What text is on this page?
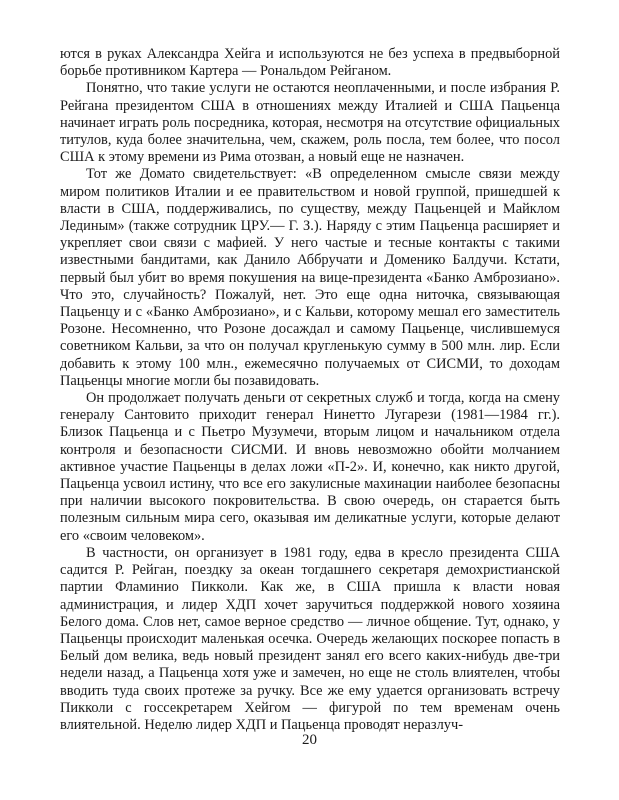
ются в руках Александра Хейга и используются не без успеха в предвыборной борьбе противником Картера — Рональдом Рейганом.

Понятно, что такие услуги не остаются неоплаченными, и после избрания Р. Рейгана президентом США в отношениях между Италией и США Пацьенца начинает играть роль посредника, которая, несмотря на отсутствие официальных титулов, куда более значительна, чем, скажем, роль посла, тем более, что посол США к этому времени из Рима отозван, а новый еще не назначен.

Тот же Домато свидетельствует: «В определенном смысле связи между миром политиков Италии и ее правительством и новой группой, пришедшей к власти в США, поддерживались, по существу, между Пацьенцей и Майклом Лединым» (также сотрудник ЦРУ.— Г. З.). Наряду с этим Пацьенца расширяет и укрепляет свои связи с мафией. У него частые и тесные контакты с такими известными бандитами, как Данило Аббручати и Доменико Балдучи. Кстати, первый был убит во время покушения на вице-президента «Банко Амброзиано». Что это, случайность? Пожалуй, нет. Это еще одна ниточка, связывающая Пацьенцу и с «Банко Амброзиано», и с Кальви, которому мешал его заместитель Розоне. Несомненно, что Розоне досаждал и самому Пацьенце, числившемуся советником Кальви, за что он получал кругленькую сумму в 500 млн. лир. Если добавить к этому 100 млн., ежемесячно получаемых от СИСМИ, то доходам Пацьенцы многие могли бы позавидовать.

Он продолжает получать деньги от секретных служб и тогда, когда на смену генералу Сантовито приходит генерал Нинетто Лугарези (1981—1984 гг.). Близок Пацьенца и с Пьетро Музумечи, вторым лицом и начальником отдела контроля и безопасности СИСМИ. И вновь невозможно обойти молчанием активное участие Пацьенцы в делах ложи «П-2». И, конечно, как никто другой, Пацьенца усвоил истину, что все его закулисные махинации наиболее безопасны при наличии высокого покровительства. В свою очередь, он старается быть полезным сильным мира сего, оказывая им деликатные услуги, которые делают его «своим человеком».

В частности, он организует в 1981 году, едва в кресло президента США садится Р. Рейган, поездку за океан тогдашнего секретаря демохристианской партии Фламинио Пикколи. Как же, в США пришла к власти новая администрация, и лидер ХДП хочет заручиться поддержкой нового хозяина Белого дома. Слов нет, самое верное средство — личное общение. Тут, однако, у Пацьенцы происходит маленькая осечка. Очередь желающих поскорее попасть в Белый дом велика, ведь новый президент занял его всего каких-нибудь две-три недели назад, а Пацьенца хотя уже и замечен, но еще не столь влиятелен, чтобы вводить туда своих протеже за ручку. Все же ему удается организовать встречу Пикколи с госсекретарем Хейгом — фигурой по тем временам очень влиятельной. Неделю лидер ХДП и Пацьенца проводят неразлуч-

20
